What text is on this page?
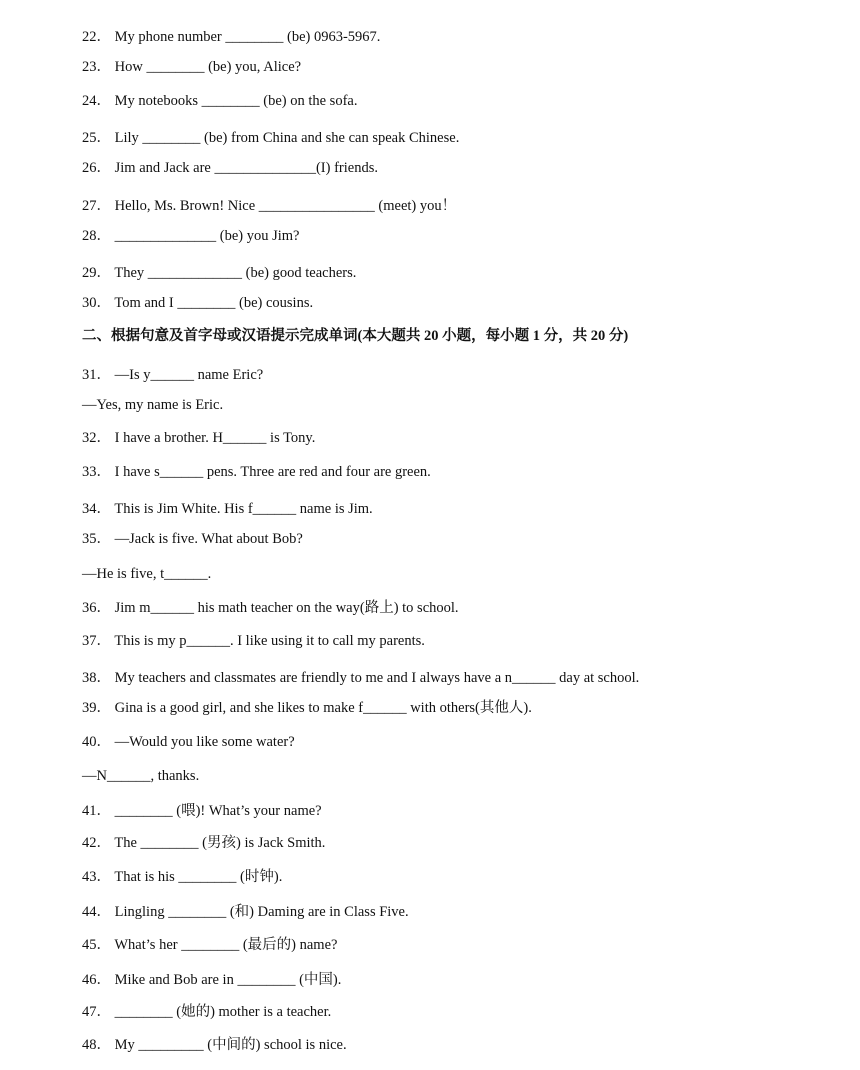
22． My phone number ________ (be) 0963-5967.
23． How ________ (be) you, Alice?
24． My notebooks ________ (be) on the sofa.
25． Lily ________ (be) from China and she can speak Chinese.
26． Jim and Jack are ______________(I) friends.
27． Hello, Ms. Brown! Nice ________________ (meet) you！
28． ______________ (be) you Jim?
29． They _____________ (be) good teachers.
30． Tom and I ________ (be) cousins.
二、根据句意及首字母或汉语提示完成单词(本大题共 20 小题，每小题 1 分，共 20 分)
31． —Is y______ name Eric?
—Yes, my name is Eric.
32． I have a brother. H______ is Tony.
33． I have s______ pens. Three are red and four are green.
34． This is Jim White. His f______ name is Jim.
35． —Jack is five. What about Bob?
—He is five, t______.
36． Jim m______ his math teacher on the way(路上) to school.
37． This is my p______. I like using it to call my parents.
38． My teachers and classmates are friendly to me and I always have a n______ day at school.
39． Gina is a good girl, and she likes to make f______ with others(其他人).
40． —Would you like some water?
—N______, thanks.
41． ________ (喂)! What’s your name?
42． The ________ (男孩) is Jack Smith.
43． That is his ________ (时钟).
44． Lingling ________ (和) Daming are in Class Five.
45． What’s her ________ (最后的) name?
46． Mike and Bob are in ________ (中国).
47． ________ (她的) mother is a teacher.
48． My _________ (中间的) school is nice.
